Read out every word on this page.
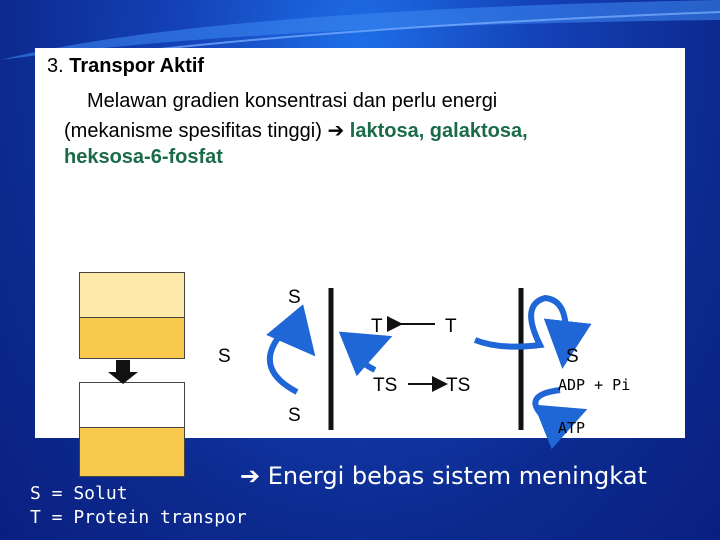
3. Transpor Aktif
Melawan gradien konsentrasi dan perlu energi
(mekanisme spesifitas tinggi) ➔ laktosa, galaktosa,
heksosa-6-fosfat
S
S
S
T	T
TS	TS
S
ADP + Pi
ATP
➔ Energi bebas sistem meningkat
S = Solut
T = Protein transpor
